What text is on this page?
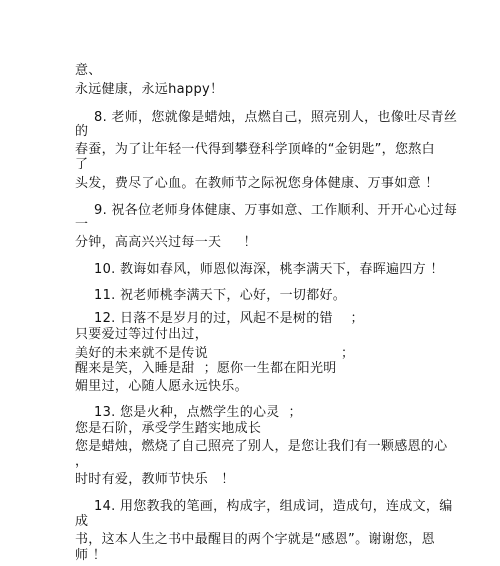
意、
永远健康，永远happy！
8. 老师，您就像是蜡烛，点燃自己，照亮别人，也像吐尽青丝
的
春蚕，为了让年轻一代得到攀登科学顶峰的“金钥匙”，您熬白
了
头发，费尽了心血。在教师节之际祝您身体健康、万事如意 ！
9. 祝各位老师身体健康、万事如意、工作顺利、开开心心过每
一
分钟，高高兴兴过每一天     ！
10. 教诲如春风，师恩似海深，桃李满天下，春晖遍四方 ！
11. 祝老师桃李满天下，心好，一切都好。
12. 日落不是岁月的过，风起不是树的错    ；
只要爱过等过付出过，
美好的未来就不是传说                              ；
醒来是笑，入睡是甜  ；愿你一生都在阳光明
媚里过，心随人愿永远快乐。
13. 您是火种，点燃学生的心灵  ；
您是石阶，承受学生踏实地成长
您是蜡烛，燃烧了自己照亮了别人，是您让我们有一颗感恩的心
，
时时有爱，教师节快乐   ！
14. 用您教我的笔画，构成字，组成词，造成句，连成文，编
成
书，这本人生之书中最醒目的两个字就是“感恩”。谢谢您，恩
师 ！
